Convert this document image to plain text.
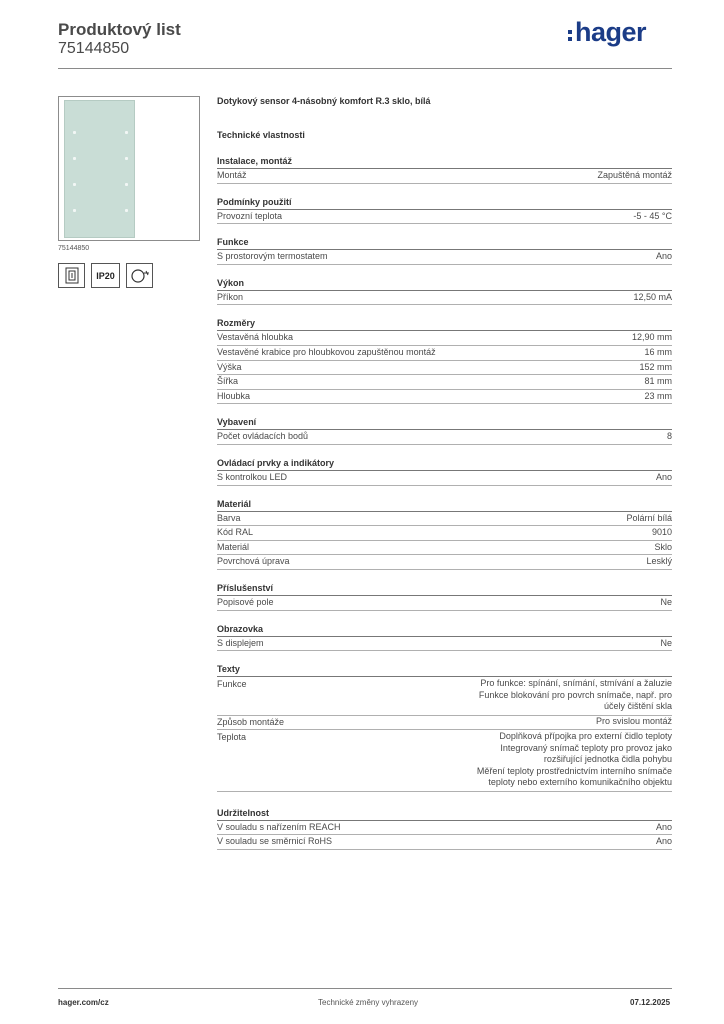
Produktový list
75144850
hager
75144850
IP20
Dotykový sensor 4-násobný komfort R.3 sklo, bílá
Technické vlastnosti
Instalace, montáž
Montáž	Zapuštěná montáž
Podmínky použití
Provozní teplota	-5 - 45 °C
Funkce
S prostorovým termostatem	Ano
Výkon
Příkon	12,50 mA
Rozměry
Vestavěná hloubka	12,90 mm
Vestavěné krabice pro hloubkovou zapuštěnou montáž	16 mm
Výška	152 mm
Šířka	81 mm
Hloubka	23 mm
Vybavení
Počet ovládacích bodů	8
Ovládací prvky a indikátory
S kontrolkou LED	Ano
Materiál
Barva	Polární bílá
Kód RAL	9010
Materiál	Sklo
Povrchová úprava	Lesklý
Příslušenství
Popisové pole	Ne
Obrazovka
S displejem	Ne
Texty
Funkce	Pro funkce: spínání, snímání, stmívání a žaluzie
Funkce blokování pro povrch snímače, např. pro
účely čištění skla
Způsob montáže	Pro svislou montáž
Teplota	Doplňková přípojka pro externí čidlo teploty
Integrovaný snímač teploty pro provoz jako
rozšiřující jednotka čidla pohybu
Měření teploty prostřednictvím interního snímače
teploty nebo externího komunikačního objektu
Udržitelnost
V souladu s nařízením REACH	Ano
V souladu se směrnicí RoHS	Ano
hager.com/cz	Technické změny vyhrazeny	07.12.2025
